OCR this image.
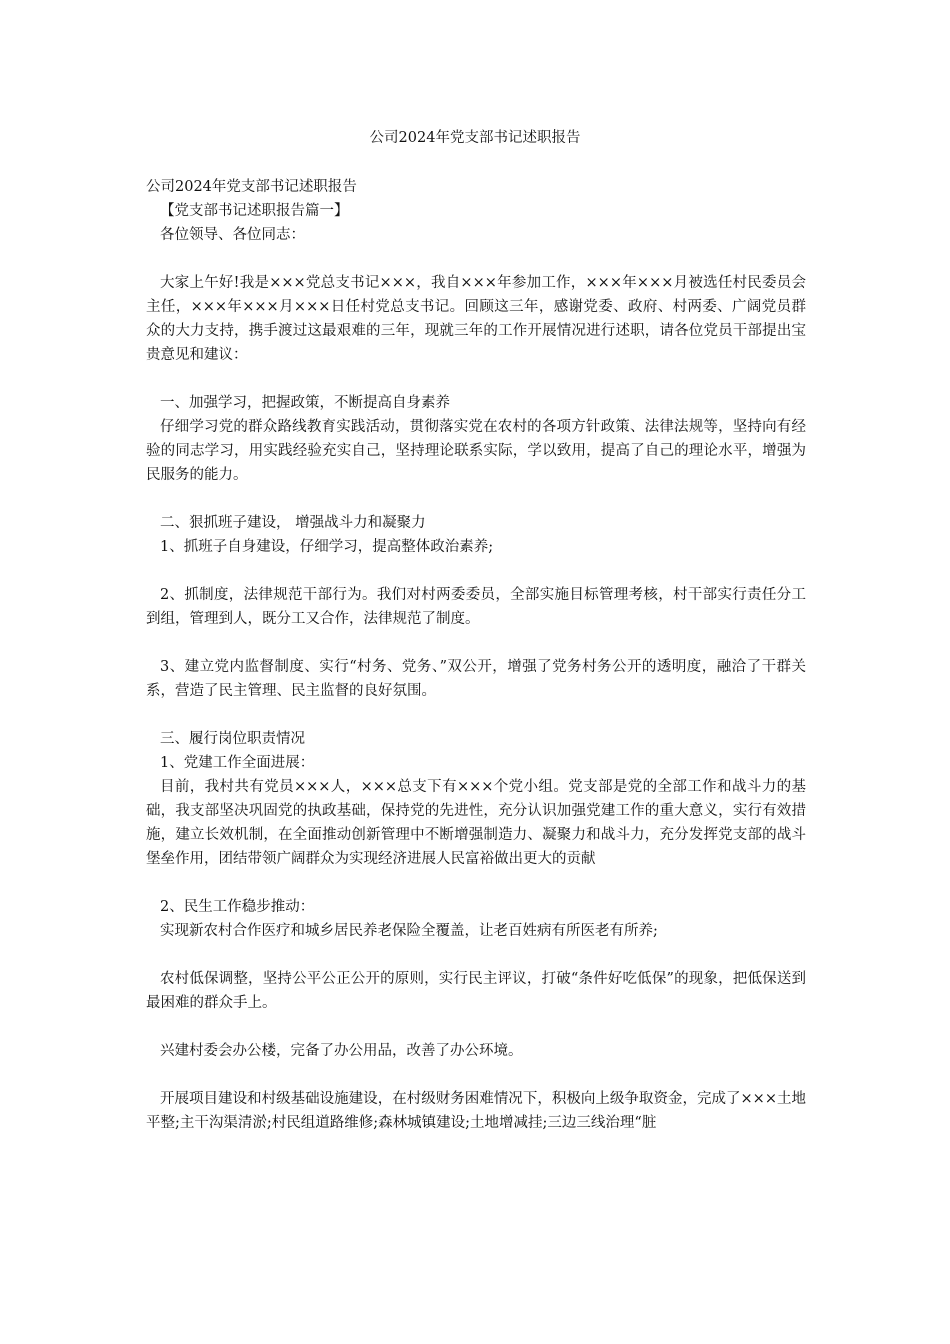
公司2024年党支部书记述职报告

公司2024年党支部书记述职报告

【党支部书记述职报告篇一】

各位领导、各位同志：

大家上午好!我是×××党总支书记×××，我自×××年参加工作，×××年×××月被选任村民委员会主任，×××年×××月×××日任村党总支书记。回顾这三年，感谢党委、政府、村两委、广阔党员群众的大力支持，携手渡过这最艰难的三年，现就三年的工作开展情况进行述职，请各位党员干部提出宝贵意见和建议：

一、加强学习，把握政策，不断提高自身素养

仔细学习党的群众路线教育实践活动，贯彻落实党在农村的各项方针政策、法律法规等，坚持向有经验的同志学习，用实践经验充实自己，坚持理论联系实际，学以致用，提高了自己的理论水平，增强为民服务的能力。

二、狠抓班子建设， 增强战斗力和凝聚力

1、抓班子自身建设，仔细学习，提高整体政治素养;

2、抓制度，法律规范干部行为。我们对村两委委员，全部实施目标管理考核，村干部实行责任分工到组，管理到人，既分工又合作，法律规范了制度。

3、建立党内监督制度、实行“村务、党务、”双公开，增强了党务村务公开的透明度，融洽了干群关系，营造了民主管理、民主监督的良好氛围。

三、履行岗位职责情况

1、党建工作全面进展：

目前，我村共有党员×××人，×××总支下有×××个党小组。党支部是党的全部工作和战斗力的基础，我支部坚决巩固党的执政基础，保持党的先进性，充分认识加强党建工作的重大意义，实行有效措施，建立长效机制，在全面推动创新管理中不断增强制造力、凝聚力和战斗力，充分发挥党支部的战斗堡垒作用，团结带领广阔群众为实现经济进展人民富裕做出更大的贡献

2、民生工作稳步推动：

实现新农村合作医疗和城乡居民养老保险全覆盖，让老百姓病有所医老有所养;

农村低保调整，坚持公平公正公开的原则，实行民主评议，打破“条件好吃低保”的现象，把低保送到最困难的群众手上。

兴建村委会办公楼，完备了办公用品，改善了办公环境。

开展项目建设和村级基础设施建设，在村级财务困难情况下，积极向上级争取资金，完成了×××土地平整;主干沟渠清淤;村民组道路维修;森林城镇建设;土地增减挂;三边三线治理“脏
